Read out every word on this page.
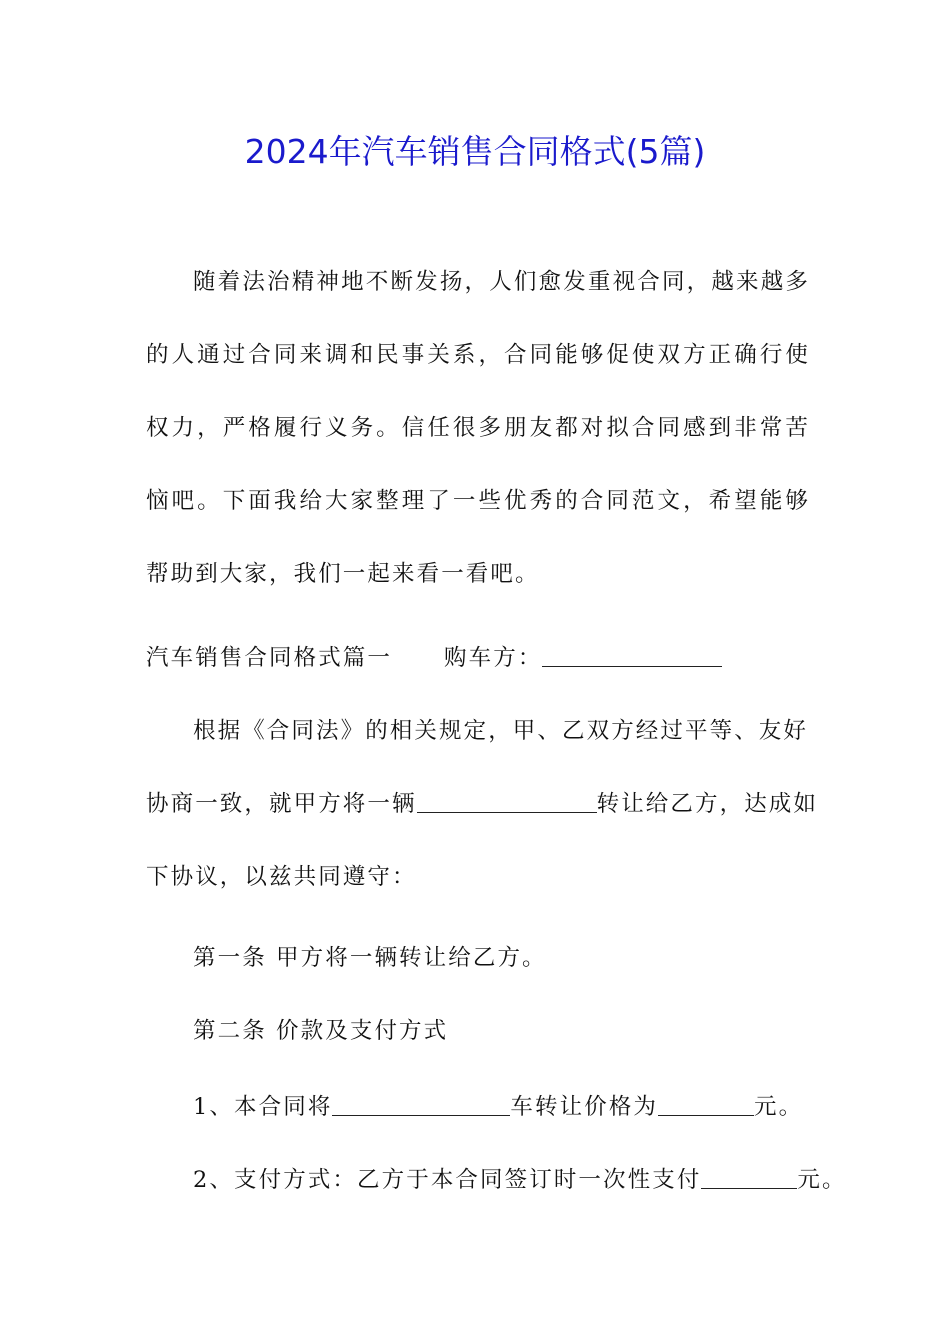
2024年汽车销售合同格式(5篇)
随着法治精神地不断发扬，人们愈发重视合同，越来越多的人通过合同来调和民事关系，合同能够促使双方正确行使权力，严格履行义务。信任很多朋友都对拟合同感到非常苦恼吧。下面我给大家整理了一些优秀的合同范文，希望能够帮助到大家，我们一起来看一看吧。
汽车销售合同格式篇一 购车方：
根据《合同法》的相关规定，甲、乙双方经过平等、友好
协商一致，就甲方将一辆	转让给乙方，达成如
下协议，以兹共同遵守：
第一条 甲方将一辆转让给乙方。
第二条 价款及支付方式
1、本合同将	车转让价格为	元。
2、支付方式：乙方于本合同签订时一次性支付	元。
